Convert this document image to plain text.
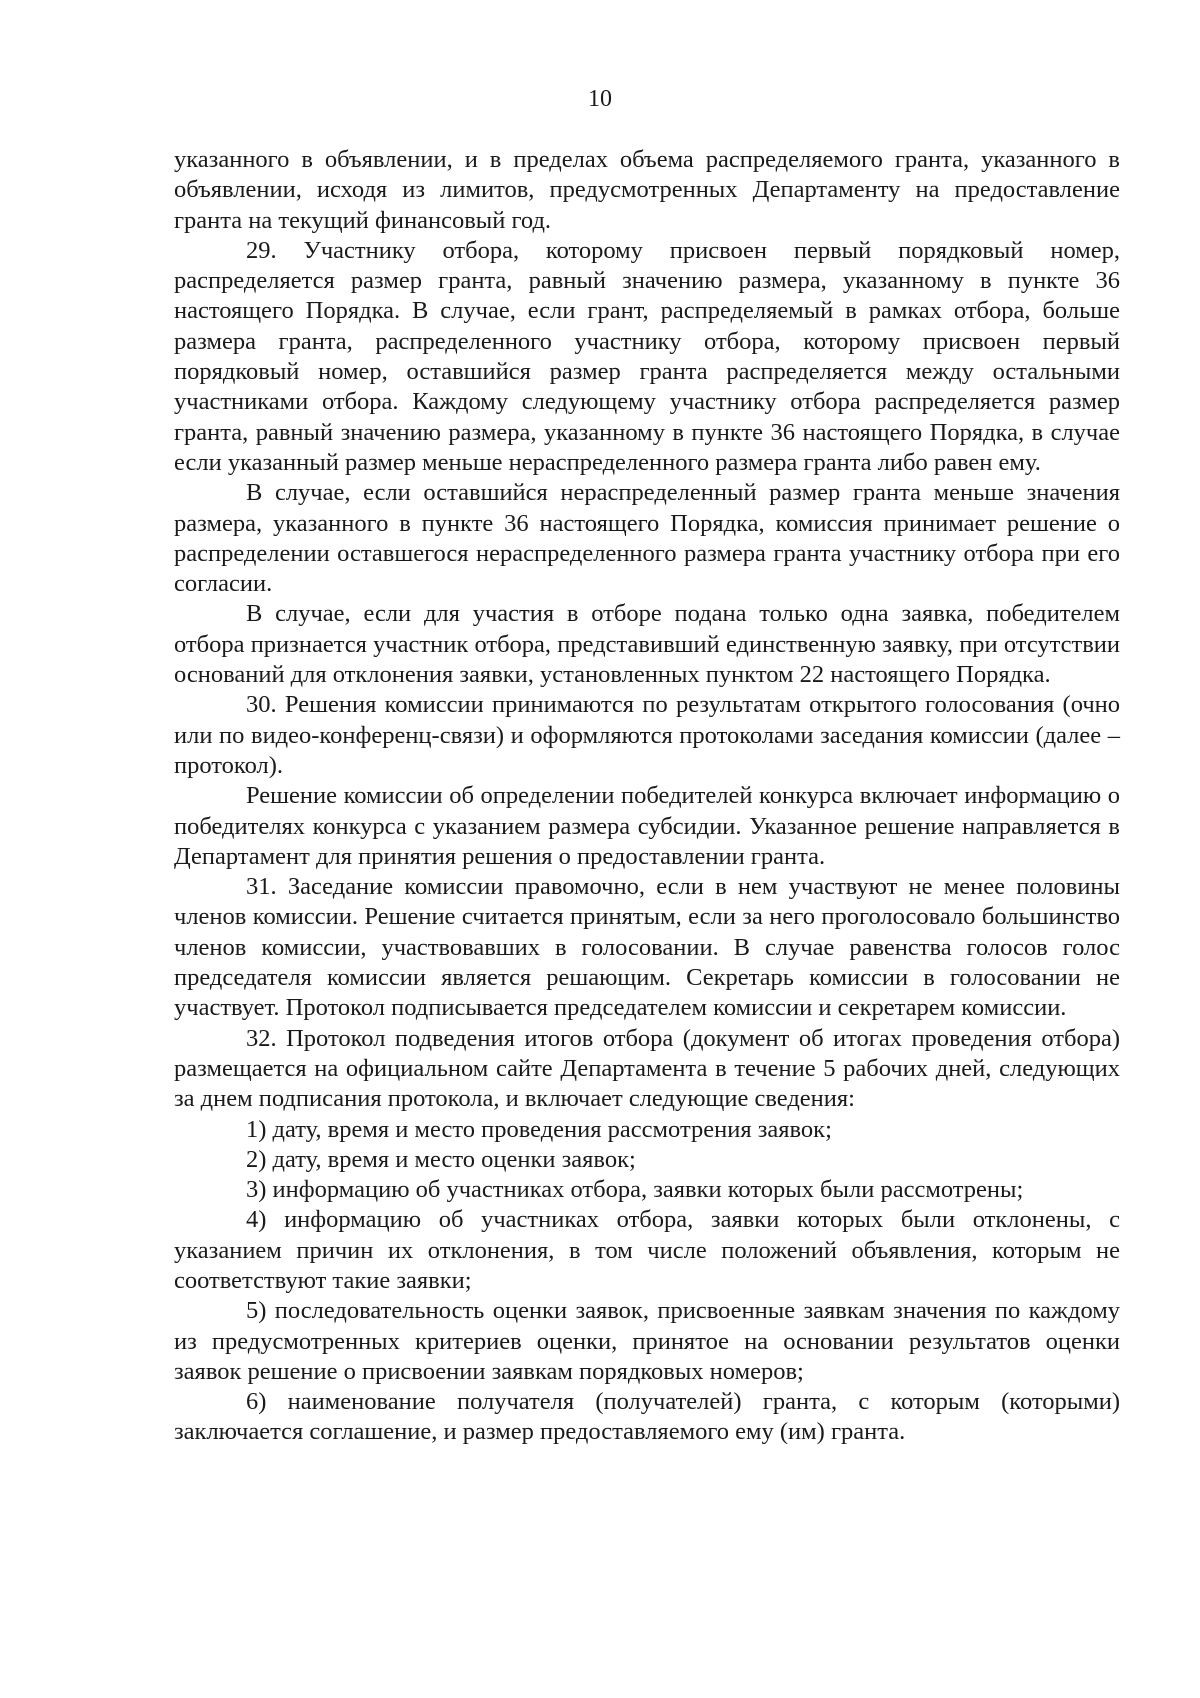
10

указанного в объявлении, и в пределах объема распределяемого гранта, указанного в объявлении, исходя из лимитов, предусмотренных Департаменту на предоставление гранта на текущий финансовый год.

29. Участнику отбора, которому присвоен первый порядковый номер, распределяется размер гранта, равный значению размера, указанному в пункте 36 настоящего Порядка. В случае, если грант, распределяемый в рамках отбора, больше размера гранта, распределенного участнику отбора, которому присвоен первый порядковый номер, оставшийся размер гранта распределяется между остальными участниками отбора. Каждому следующему участнику отбора распределяется размер гранта, равный значению размера, указанному в пункте 36 настоящего Порядка, в случае если указанный размер меньше нераспределенного размера гранта либо равен ему.

В случае, если оставшийся нераспределенный размер гранта меньше значения размера, указанного в пункте 36 настоящего Порядка, комиссия принимает решение о распределении оставшегося нераспределенного размера гранта участнику отбора при его согласии.

В случае, если для участия в отборе подана только одна заявка, победителем отбора признается участник отбора, представивший единственную заявку, при отсутствии оснований для отклонения заявки, установленных пунктом 22 настоящего Порядка.

30. Решения комиссии принимаются по результатам открытого голосования (очно или по видео-конференц-связи) и оформляются протоколами заседания комиссии (далее – протокол).

Решение комиссии об определении победителей конкурса включает информацию о победителях конкурса с указанием размера субсидии. Указанное решение направляется в Департамент для принятия решения о предоставлении гранта.

31. Заседание комиссии правомочно, если в нем участвуют не менее половины членов комиссии. Решение считается принятым, если за него проголосовало большинство членов комиссии, участвовавших в голосовании. В случае равенства голосов голос председателя комиссии является решающим. Секретарь комиссии в голосовании не участвует. Протокол подписывается председателем комиссии и секретарем комиссии.

32. Протокол подведения итогов отбора (документ об итогах проведения отбора) размещается на официальном сайте Департамента в течение 5 рабочих дней, следующих за днем подписания протокола, и включает следующие сведения:

1) дату, время и место проведения рассмотрения заявок;

2) дату, время и место оценки заявок;

3) информацию об участниках отбора, заявки которых были рассмотрены;

4) информацию об участниках отбора, заявки которых были отклонены, с указанием причин их отклонения, в том числе положений объявления, которым не соответствуют такие заявки;

5) последовательность оценки заявок, присвоенные заявкам значения по каждому из предусмотренных критериев оценки, принятое на основании результатов оценки заявок решение о присвоении заявкам порядковых номеров;

6) наименование получателя (получателей) гранта, с которым (которыми) заключается соглашение, и размер предоставляемого ему (им) гранта.
